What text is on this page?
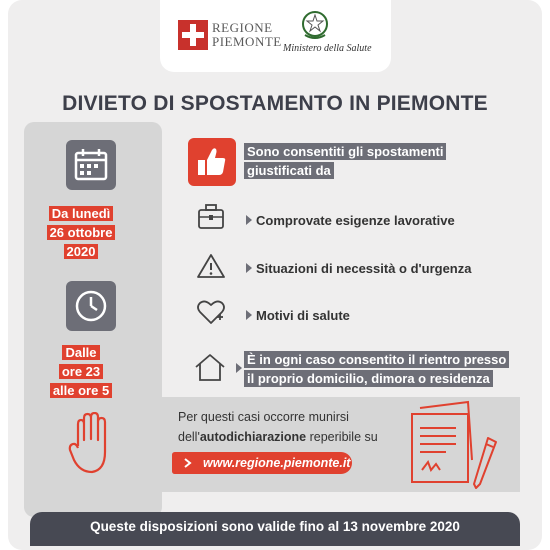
REGIONE
PIEMONTE Ministero della Salute
DIVIETO DI SPOSTAMENTO IN PIEMONTE
Da lunedì
26 ottobre
2020
Dalle
ore 23
alle ore 5
Sono consentiti gli spostamenti
giustificati da
Comprovate esigenze lavorative
Situazioni di necessità o d'urgenza
Motivi di salute
È in ogni caso consentito il rientro presso
il proprio domicilio, dimora o residenza
Per questi casi occorre munirsi
dell'autodichiarazione reperibile su
www.regione.piemonte.it
Queste disposizioni sono valide fino al 13 novembre 2020
